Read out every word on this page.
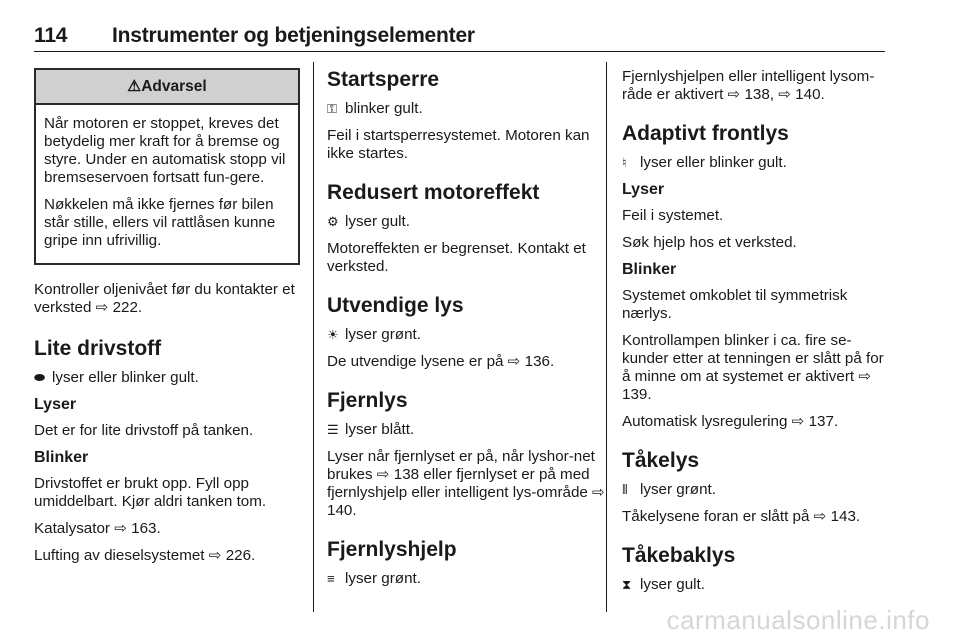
114 Instrumenter og betjeningselementer
⚠Advarsel

Når motoren er stoppet, kreves det betydelig mer kraft for å bremse og styre. Under en automatisk stopp vil bremseservoen fortsatt fun-gere.

Nøkkelen må ikke fjernes før bilen står stille, ellers vil rattlåsen kunne gripe inn ufrivillig.

Kontroller oljenivået før du kontakter et verksted ⇨ 222.

Lite drivstoff

⬬ lyser eller blinker gult.

Lyser

Det er for lite drivstoff på tanken.

Blinker

Drivstoffet er brukt opp. Fyll opp umiddelbart. Kjør aldri tanken tom.

Katalysator ⇨ 163.

Lufting av dieselsystemet ⇨ 226.

Startsperre

⚿ blinker gult.

Feil i startsperresystemet. Motoren kan ikke startes.

Redusert motoreffekt

⚙ lyser gult.

Motoreffekten er begrenset. Kontakt et verksted.

Utvendige lys

☀ lyser grønt.

De utvendige lysene er på ⇨ 136.

Fjernlys

☰ lyser blått.

Lyser når fjernlyset er på, når lyshor-net brukes ⇨ 138 eller fjernlyset er på med fjernlyshjelp eller intelligent lys-område ⇨ 140.

Fjernlyshjelp

≡ lyser grønt.

Fjernlyshjelpen eller intelligent lysom-råde er aktivert ⇨ 138, ⇨ 140.

Adaptivt frontlys

♮ lyser eller blinker gult.

Lyser

Feil i systemet.

Søk hjelp hos et verksted.

Blinker

Systemet omkoblet til symmetrisk nærlys.

Kontrollampen blinker i ca. fire se-kunder etter at tenningen er slått på for å minne om at systemet er aktivert ⇨ 139.

Automatisk lysregulering ⇨ 137.

Tåkelys

⦀ lyser grønt.

Tåkelysene foran er slått på ⇨ 143.

Tåkebaklys

⧗ lyser gult.

carmanualsonline.info
